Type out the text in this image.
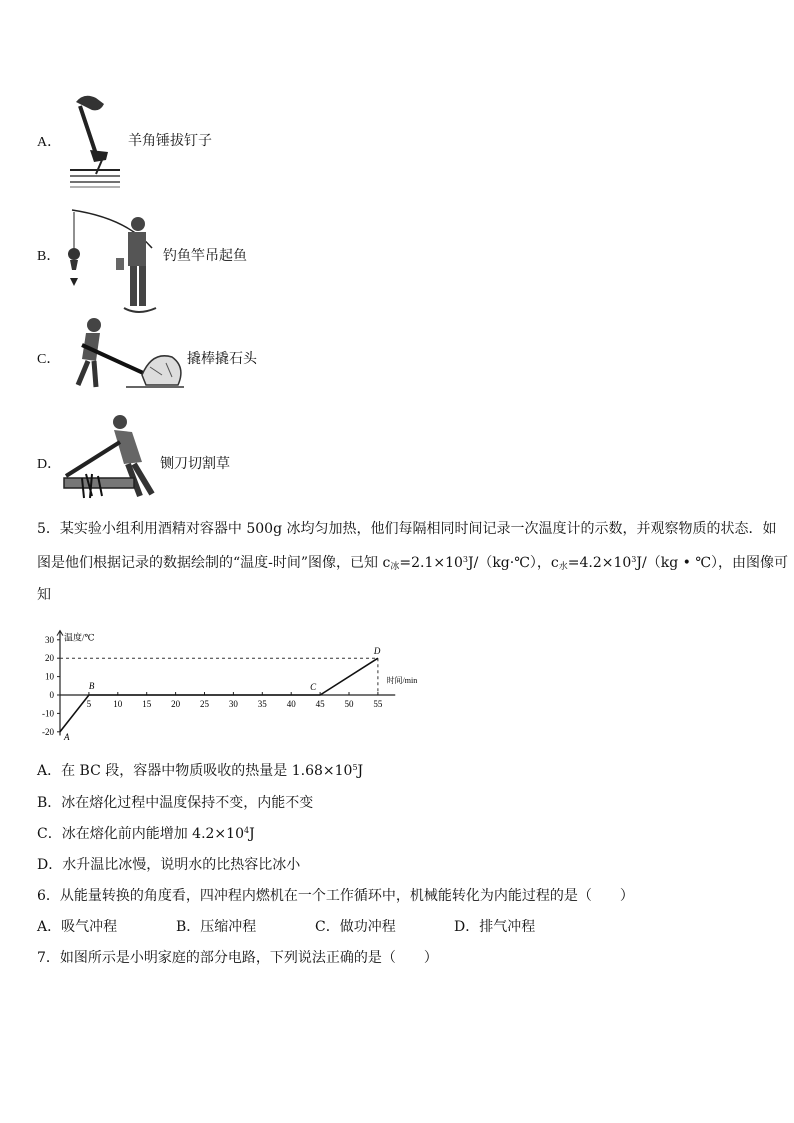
A．	羊角锤拔钉子
B．	钓鱼竿吊起鱼
C．	撬棒撬石头
D．	铡刀切割草
5．某实验小组利用酒精对容器中 500g 冰均匀加热，他们每隔相同时间记录一次温度计的示数，并观察物质的状态．如
图是他们根据记录的数据绘制的“温度-时间”图像，已知 $c_冰=2.1\times 10^3J/(kg\cdot℃)$，$c_水=4.2\times 10^3J/(kg$ • ℃），由图像可
知
温度/℃
时间/min
30
20
10
0
-10
-20
5 10 15 20 25 30 35 40 45 50 55
A
B	C
D
A．在 BC 段，容器中物质吸收的热量是 $1.68\times 10^5J$
B．冰在熔化过程中温度保持不变，内能不变
C．冰在熔化前内能增加 $4.2\times 10^4J$
D．水升温比冰慢，说明水的比热容比冰小
6．从能量转换的角度看，四冲程内燃机在一个工作循环中，机械能转化为内能过程的是（　　）
A．吸气冲程	B．压缩冲程	C．做功冲程	D．排气冲程
7．如图所示是小明家庭的部分电路，下列说法正确的是（　　）
